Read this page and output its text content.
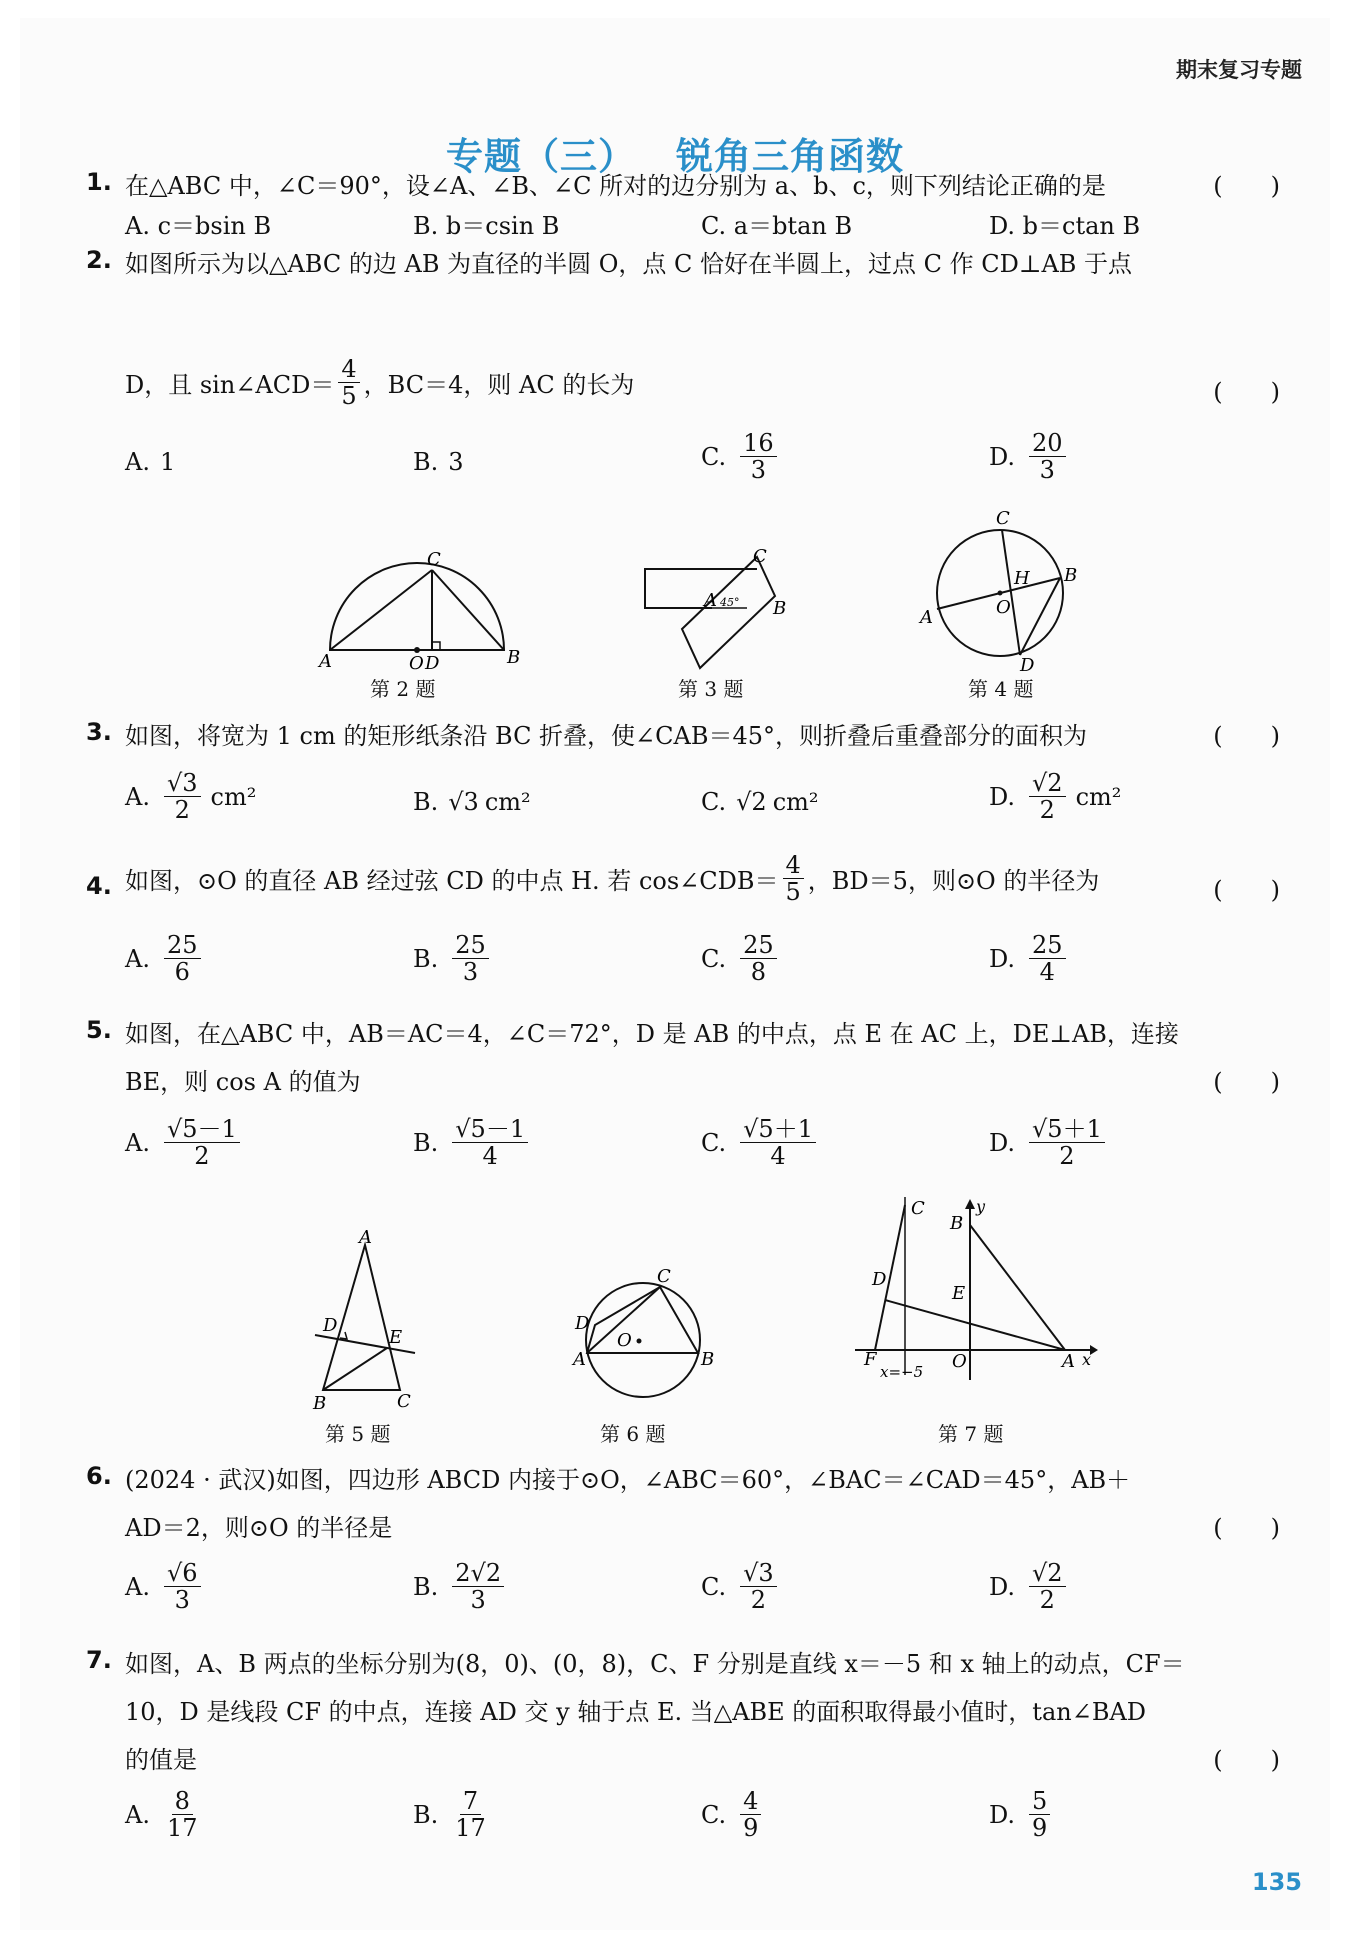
期末复习专题
专题（三） 锐角三角函数
1. 在△ABC 中，∠C＝90°，设∠A、∠B、∠C 所对的边分别为 a、b、c，则下列结论正确的是	(　　)
A. c＝bsin B	B. b＝csin B	C. a＝btan B	D. b＝ctan B
2. 如图所示为以△ABC 的边 AB 为直径的半圆 O，点 C 恰好在半圆上，过点 C 作 CD⊥AB 于点
D，且 sin∠ACD＝ $\frac{4}{5}$ ，BC＝4，则 AC 的长为	(　　)
A. 1	B. 3	C. $\frac{16}{3}$	D. $\frac{20}{3}$
A	B
C
O D
C
A	B
45°
C
H B
A	O
D
第 2 题	第 3 题	第 4 题
3. 如图，将宽为 1 cm 的矩形纸条沿 BC 折叠，使∠CAB＝45°，则折叠后重叠部分的面积为	(　　)
A. $\frac{√3}{2} cm^2$	B. √3 cm²	C. √2 cm²	D. $\frac{√2}{2} cm^2$
4. 如图，⊙O 的直径 AB 经过弦 CD 的中点 H. 若 cos∠CDB＝ $\frac{4}{5}$ ，BD＝5，则⊙O 的半径为	(　　)
A. $\frac{25}{6}$	B. $\frac{25}{3}$	C. $\frac{25}{8}$	D. $\frac{25}{4}$
5. 如图，在△ABC 中，AB＝AC＝4，∠C＝72°，D 是 AB 的中点，点 E 在 AC 上，DE⊥AB，连接
BE，则 cos A 的值为	(　　)
A. $\frac{√5-1}{2}$	B. $\frac{√5-1}{4}$	C. $\frac{√5+1}{4}$	D. $\frac{√5+1}{2}$
A
D
E
B	C
C
D
O
A	B
C	y
B
D
E
F	O	A x
x=−5
第 5 题	第 6 题	第 7 题
6. (2024 · 武汉)如图，四边形 ABCD 内接于⊙O，∠ABC＝60°，∠BAC＝∠CAD＝45°，AB＋
AD＝2，则⊙O 的半径是	(　　)
A. $\frac{√6}{3}$	B. $\frac{2√2}{3}$	C. $\frac{√3}{2}$	D. $\frac{√2}{2}$
7. 如图，A、B 两点的坐标分别为(8，0)、(0，8)，C、F 分别是直线 x＝－5 和 x 轴上的动点，CF＝
10，D 是线段 CF 的中点，连接 AD 交 y 轴于点 E. 当△ABE 的面积取得最小值时，tan∠BAD
的值是	(　　)
A. $\frac{8}{17}$	B. $\frac{7}{17}$	C. $\frac{4}{9}$	D. $\frac{5}{9}$
135
